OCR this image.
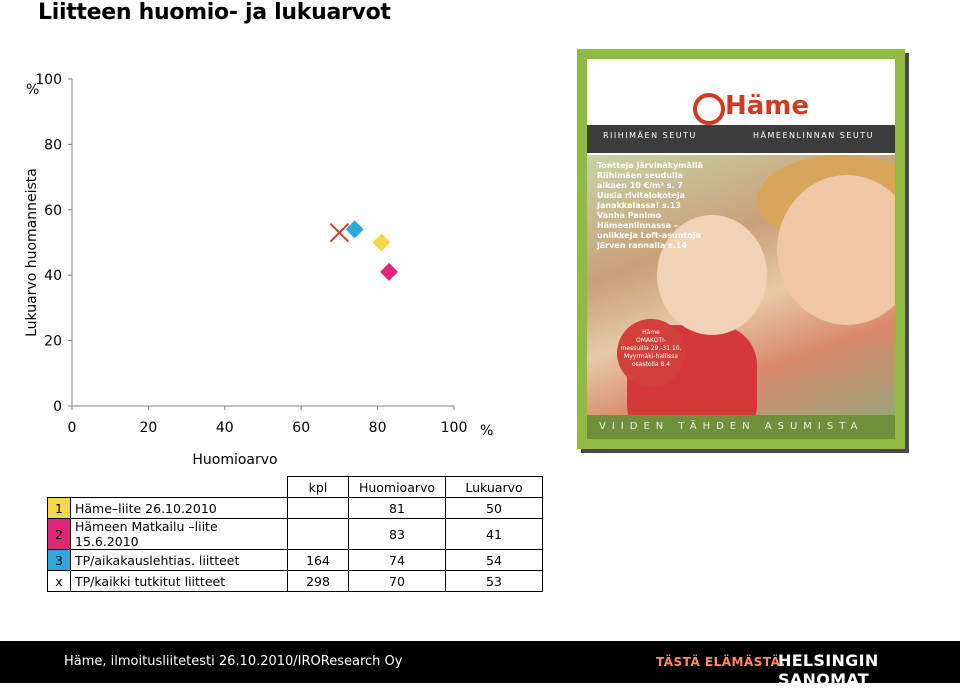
Liitteen huomio- ja lukuarvot
0
20
40
60
80
100
0	20	40	60	80	100
%
%
Huomioarvo
Lukuarvo huomanneista
Häme
RIIHIMÄEN SEUTU	HÄMEENLINNAN SEUTU
Tontteja järvinäkymällä
Riihimäen seudulla
alkaen 10 €/m² s. 7
Uusia rivitalokoteja
Janakkalassa! s.13
Vanha Panimo
Hämeenlinnassa –
uniikkeja Loft-asuntoja
järven rannalla s.14
Häme
OMAKOTI-
messuilla 29.-31.10.
Myyrmäki-hallissa
osastolla 8.4
VIIDEN TÄHDEN ASUMISTA
		kpl	Huomioarvo	Lukuarvo
1	Häme–liite 26.10.2010		81	50
2	Hämeen Matkailu –liite 15.6.2010		83	41
3	TP/aikakauslehtias. liitteet	164	74	54
x	TP/kaikki tutkitut liitteet	298	70	53
Häme, ilmoitusliitetesti 26.10.2010/IROResearch Oy	TÄSTÄ ELÄMÄSTÄ.
HELSINGIN SANOMAT
